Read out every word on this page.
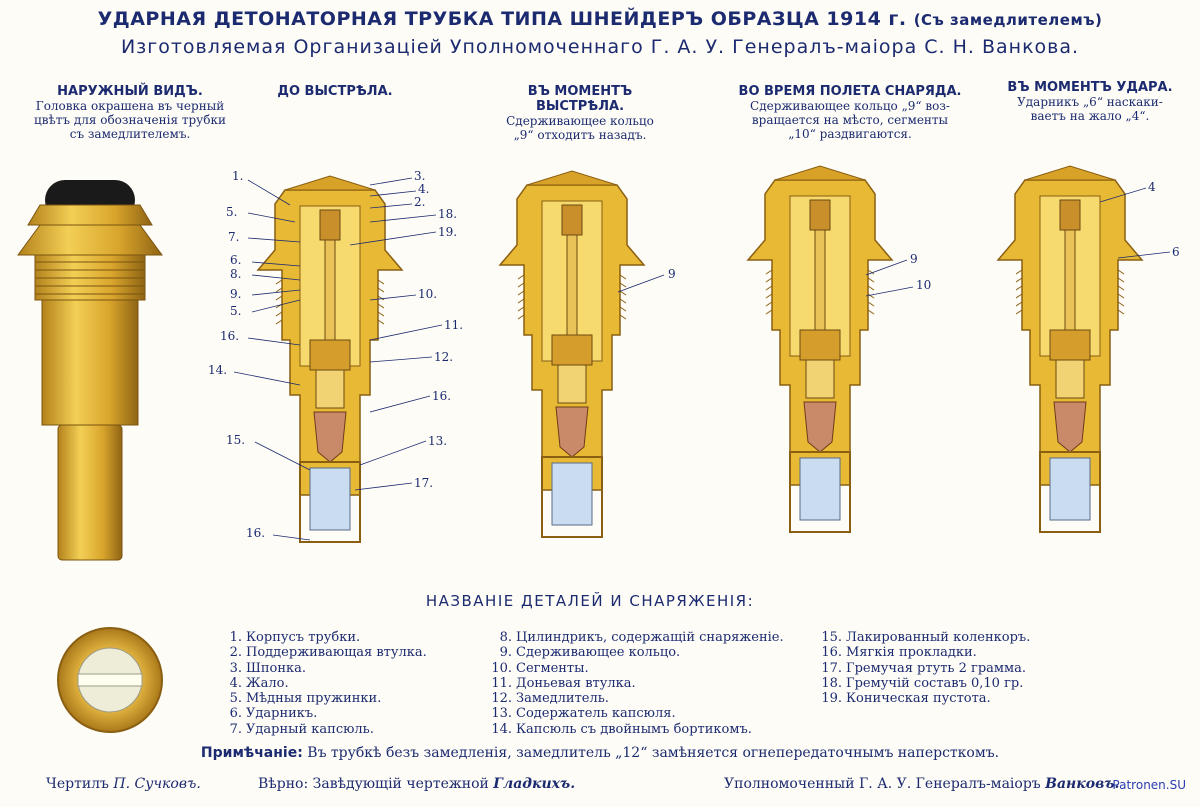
УДАРНАЯ ДЕТОНАТОРНАЯ ТРУБКА ТИПА ШНЕЙДЕРЪ ОБРАЗЦА 1914 г. (Съ замедлителемъ)
Изготовляемая Организацiей Уполномоченнаго Г. А. У. Генералъ-маiора С. Н. Ванкова.
НАРУЖНЫЙ ВИДЪ.
Головка окрашена въ черный
цвѣтъ для обозначенiя трубки
съ замедлителемъ.
ДО ВЫСТРѢЛА.	ВЪ МОМЕНТЪ
ВЫСТРѢЛА.
Сдерживающее кольцо
„9“ отходитъ назадъ.
ВО ВРЕМЯ ПОЛЕТА СНАРЯДА.
Сдерживающее кольцо „9“ воз-
вращается на мѣсто, сегменты
„10“ раздвигаются.
ВЪ МОМЕНТЪ УДАРА.
Ударникъ „6“ наскаки-
ваетъ на жало „4“.
1.
5.
7.
6.
8.
9.
5.
16.
14.
15.
16.
3.
4.
2.
18.
19.
10.
11.
12.
16.
13.
17.
9
9
10
4
6
НАЗВАНIЕ ДЕТАЛЕЙ И СНАРЯЖЕНIЯ:
1. Корпусъ трубки.
2. Поддерживающая втулка.
3. Шпонка.
4. Жало.
5. Мѣдныя пружинки.
6. Ударникъ.
7. Ударный капсюль.
8. Цилиндрикъ, содержащiй снаряженiе.
9. Сдерживающее кольцо.
10. Сегменты.
11. Доньевая втулка.
12. Замедлитель.
13. Содержатель капсюля.
14. Капсюль съ двойнымъ бортикомъ.
15. Лакированный коленкоръ.
16. Мягкiя прокладки.
17. Гремучая ртуть 2 грамма.
18. Гремучiй составъ 0,10 гр.
19. Коническая пустота.
Примѣчанiе: Въ трубкѣ безъ замедленiя, замедлитель „12“ замѣняется огнепередаточнымъ наперсткомъ.
Чертилъ П. Сучковъ.	Вѣрно: Завѣдующiй чертежной Гладкихъ.	Уполномоченный Г. А. У. Генералъ-маiоръ Ванковъ.
Patronen.SU
